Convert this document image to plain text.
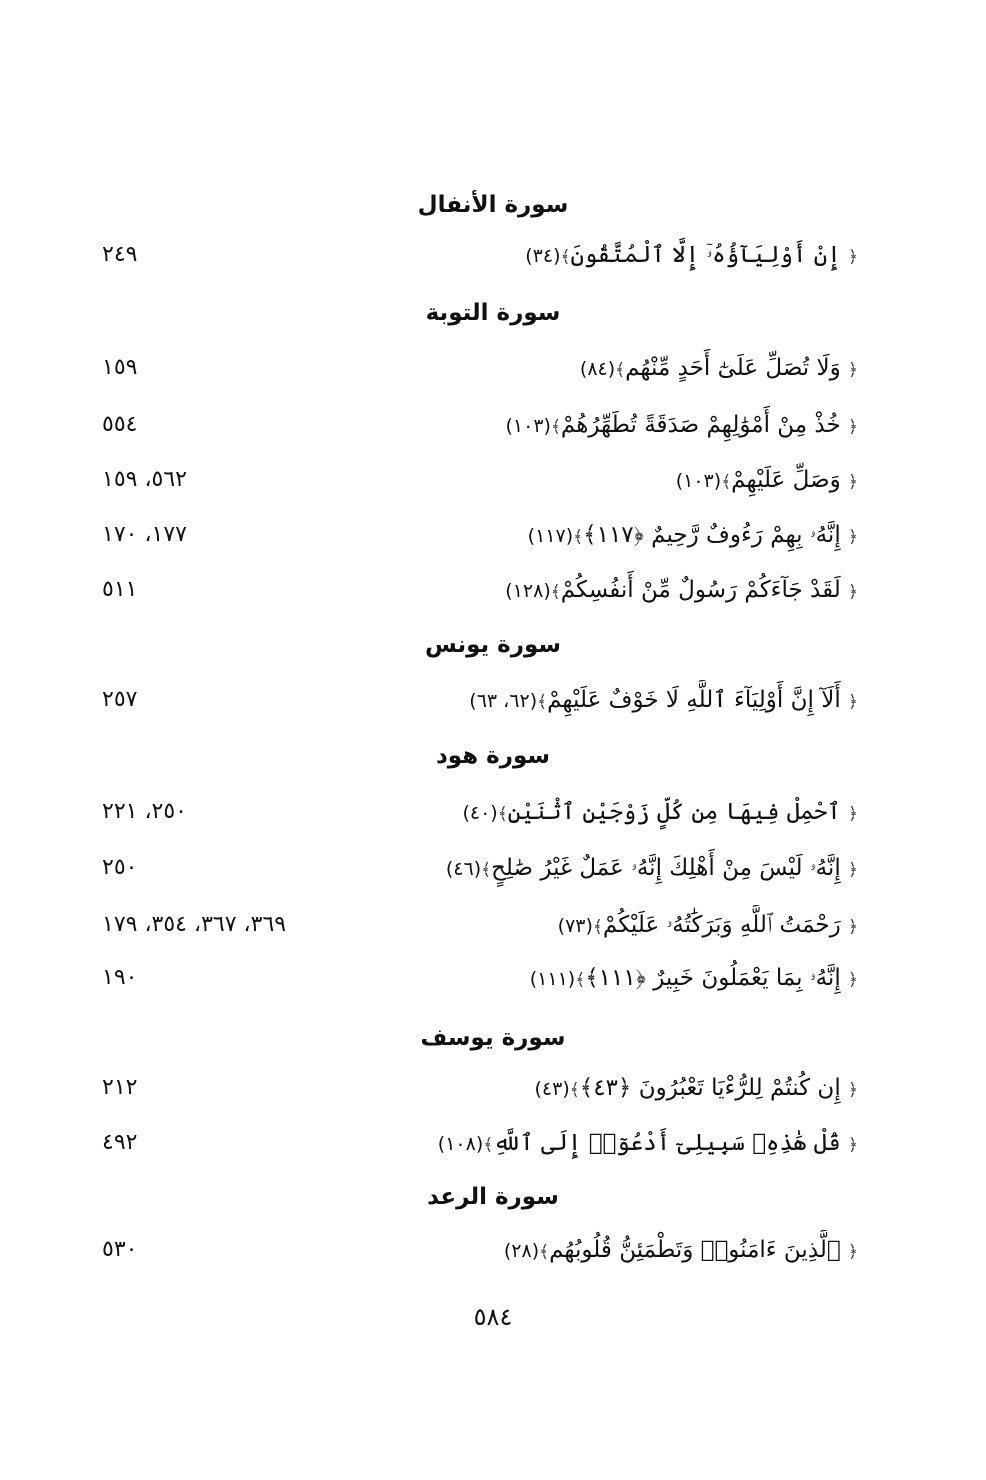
سورة الأنفال
﴿ إِنْ أَوْلِيَآؤُهُۥٓ إِلَّا ٱلْمُتَّقُونَ﴾(٣٤)
٢٤٩
سورة التوبة
﴿ وَلَا تُصَلِّ عَلَىٰٓ أَحَدٍ مِّنْهُم﴾(٨٤)
١٥٩
﴿ خُذْ مِنْ أَمْوَٰلِهِمْ صَدَقَةً تُطَهِّرُهُمْ﴾(١٠٣)
٥٥٤
﴿ وَصَلِّ عَلَيْهِمْ﴾(١٠٣)
٥٦٢، ١٥٩
﴿ إِنَّهُۥ بِهِمْ رَءُوفٌ رَّحِيمٌ ﴿١١٧﴾﴾(١١٧)
١٧٧، ١٧٠
﴿ لَقَدْ جَآءَكُمْ رَسُولٌ مِّنْ أَنفُسِكُمْ﴾(١٢٨)
٥١١
سورة يونس
﴿ أَلَآ إِنَّ أَوْلِيَآءَ ٱللَّهِ لَا خَوْفٌ عَلَيْهِمْ﴾(٦٢، ٦٣)
٢٥٧
سورة هود
﴿ ٱحْمِلْ فِيهَا مِن كُلٍّ زَوْجَيْنِ ٱثْنَيْنِ﴾(٤٠)
٢٥٠، ٢٢١
﴿ إِنَّهُۥ لَيْسَ مِنْ أَهْلِكَ إِنَّهُۥ عَمَلٌ غَيْرُ صَٰلِحٍ﴾(٤٦)
٢٥٠
﴿ رَحْمَتُ ٱللَّهِ وَبَرَكَٰتُهُۥ عَلَيْكُمْ﴾(٧٣)
٣٦٩، ٣٦٧، ٣٥٤، ١٧٩
﴿ إِنَّهُۥ بِمَا يَعْمَلُونَ خَبِيرٌ ﴿١١١﴾﴾(١١١)
١٩٠
سورة يوسف
﴿ إِن كُنتُمْ لِلرُّءْيَا تَعْبُرُونَ ﴿٤٣﴾﴾(٤٣)
٢١٢
﴿ قُلْ هَٰذِهِۦ سَبِيلِىٓ أَدْعُوٓا۟ إِلَى ٱللَّهِ﴾(١٠٨)
٤٩٢
سورة الرعد
﴿ ٱلَّذِينَ ءَامَنُوا۟ وَتَطْمَئِنُّ قُلُوبُهُم﴾(٢٨)
٥٣٠
٥٨٤
